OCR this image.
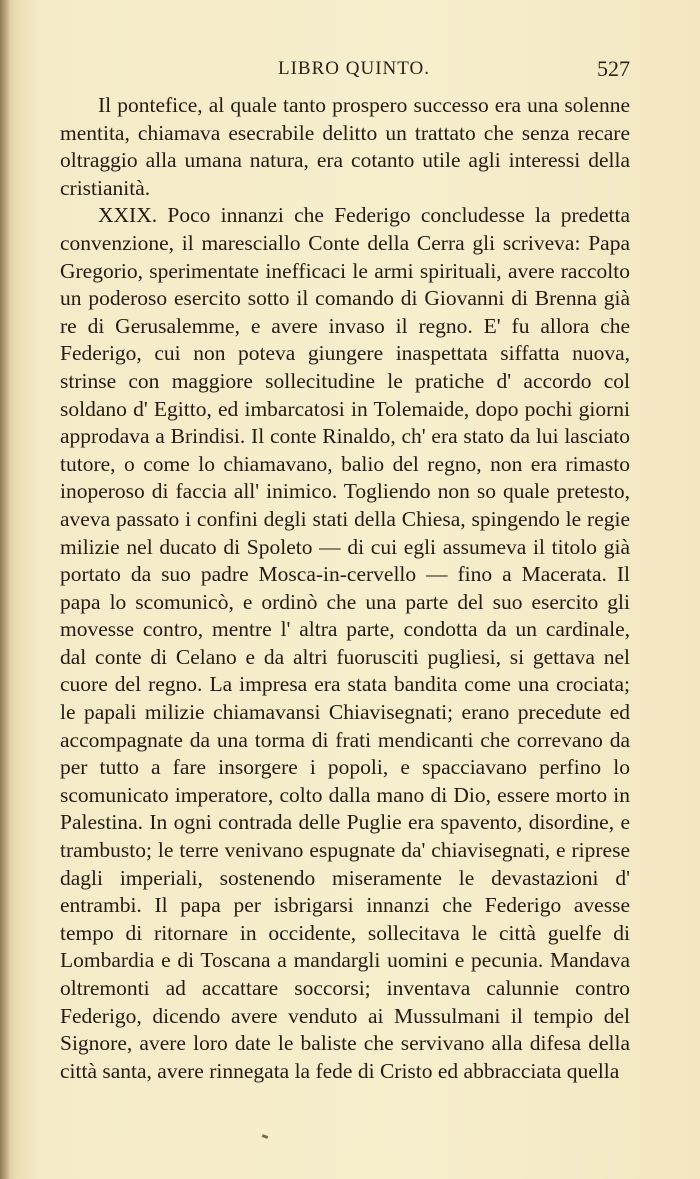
LIBRO QUINTO.	527

Il pontefice, al quale tanto prospero successo era una solenne mentita, chiamava esecrabile delitto un trattato che senza recare oltraggio alla umana natura, era cotanto utile agli interessi della cristianità.

XXIX. Poco innanzi che Federigo concludesse la predetta convenzione, il maresciallo Conte della Cerra gli scriveva: Papa Gregorio, sperimentate inefficaci le armi spirituali, avere raccolto un poderoso esercito sotto il comando di Giovanni di Brenna già re di Gerusalemme, e avere invaso il regno. E' fu allora che Federigo, cui non poteva giungere inaspettata siffatta nuova, strinse con maggiore sollecitudine le pratiche d' accordo col soldano d' Egitto, ed imbarcatosi in Tolemaide, dopo pochi giorni approdava a Brindisi. Il conte Rinaldo, ch' era stato da lui lasciato tutore, o come lo chiamavano, balio del regno, non era rimasto inoperoso di faccia all' inimico. Togliendo non so quale pretesto, aveva passato i confini degli stati della Chiesa, spingendo le regie milizie nel ducato di Spoleto — di cui egli assumeva il titolo già portato da suo padre Mosca-in-cervello — fino a Macerata. Il papa lo scomunicò, e ordinò che una parte del suo esercito gli movesse contro, mentre l' altra parte, condotta da un cardinale, dal conte di Celano e da altri fuorusciti pugliesi, si gettava nel cuore del regno. La impresa era stata bandita come una crociata; le papali milizie chiamavansi Chiavisegnati; erano precedute ed accompagnate da una torma di frati mendicanti che correvano da per tutto a fare insorgere i popoli, e spacciavano perfino lo scomunicato imperatore, colto dalla mano di Dio, essere morto in Palestina. In ogni contrada delle Puglie era spavento, disordine, e trambusto; le terre venivano espugnate da' chiavisegnati, e riprese dagli imperiali, sostenendo miseramente le devastazioni d' entrambi. Il papa per isbrigarsi innanzi che Federigo avesse tempo di ritornare in occidente, sollecitava le città guelfe di Lombardia e di Toscana a mandargli uomini e pecunia. Mandava oltremonti ad accattare soccorsi; inventava calunnie contro Federigo, dicendo avere venduto ai Mussulmani il tempio del Signore, avere loro date le baliste che servivano alla difesa della città santa, avere rinnegata la fede di Cristo ed abbracciata quella
